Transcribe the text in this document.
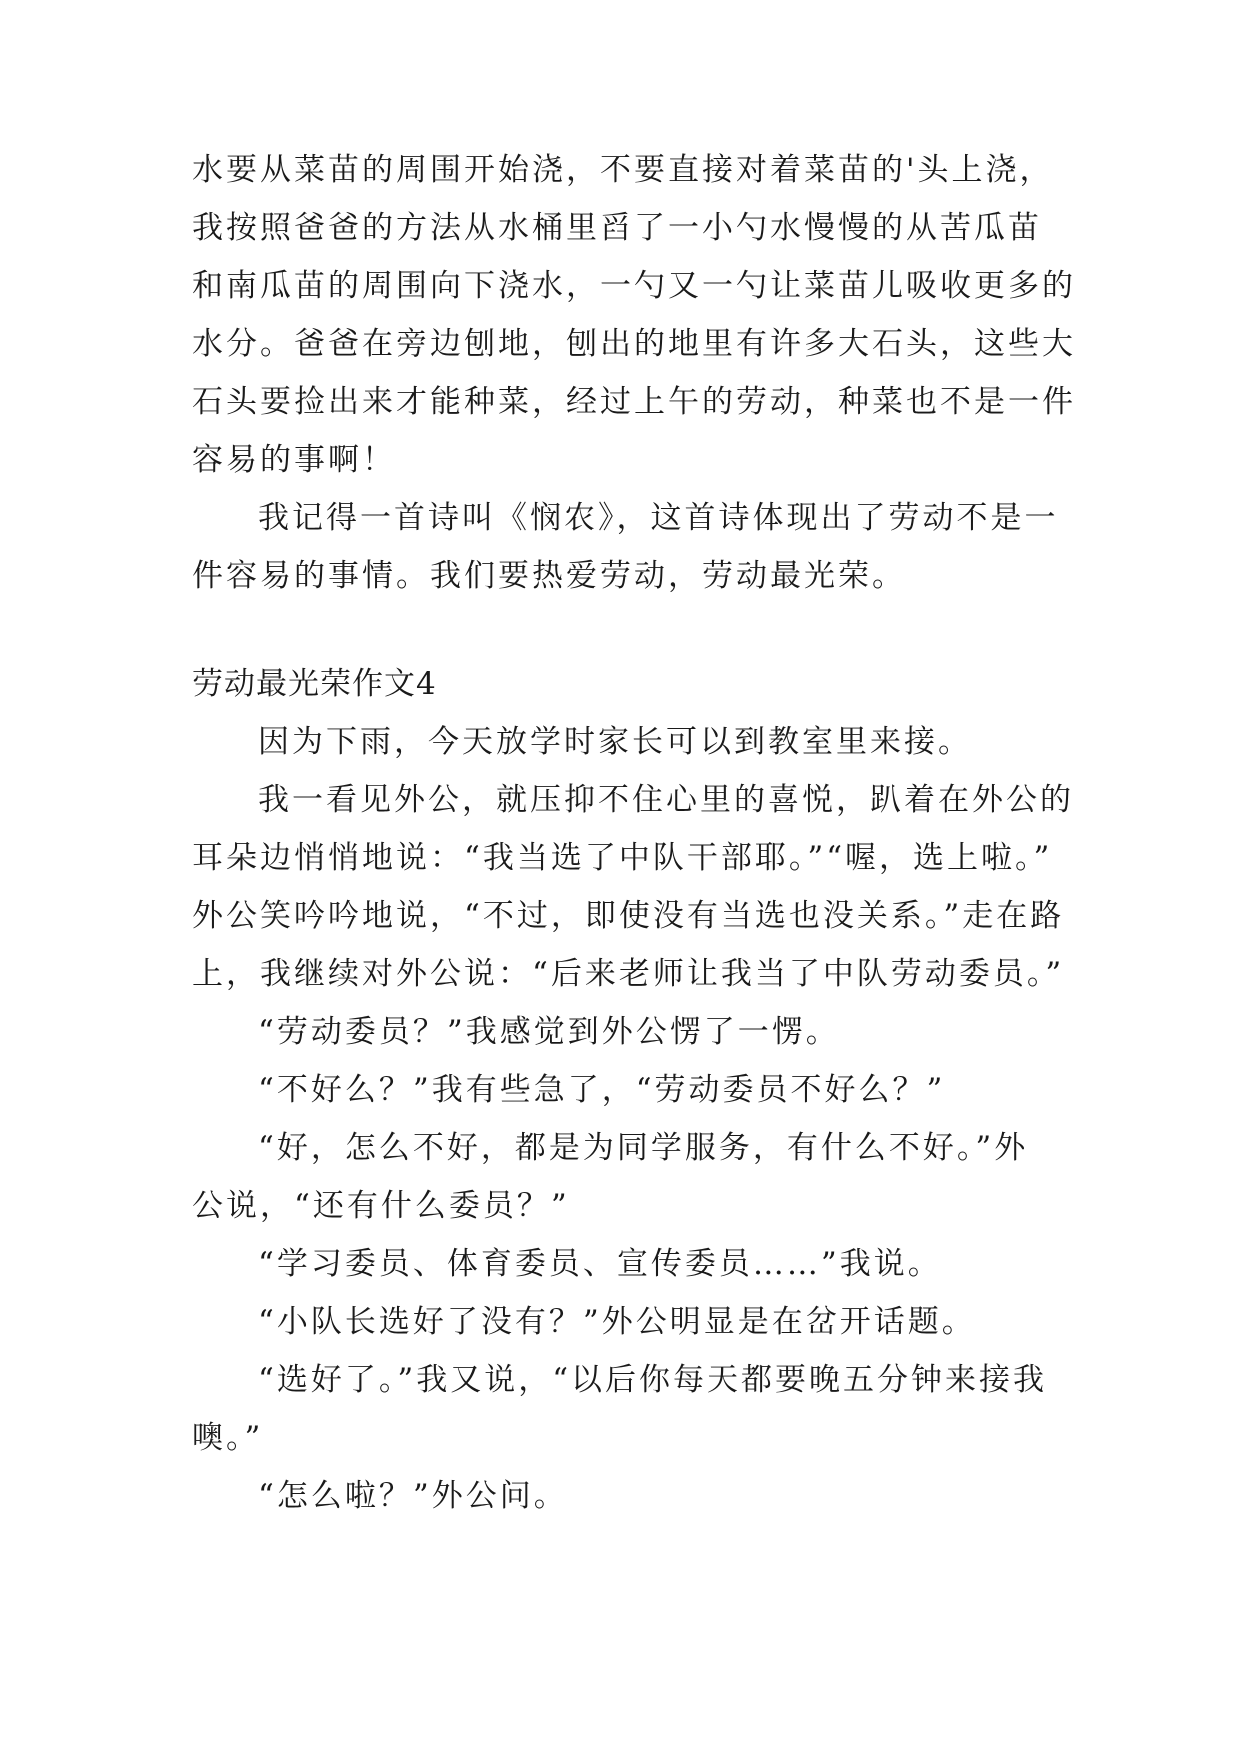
水要从菜苗的周围开始浇，不要直接对着菜苗的'头上浇，
我按照爸爸的方法从水桶里舀了一小勺水慢慢的从苦瓜苗
和南瓜苗的周围向下浇水，一勺又一勺让菜苗儿吸收更多的
水分。爸爸在旁边刨地，刨出的地里有许多大石头，这些大
石头要捡出来才能种菜，经过上午的劳动，种菜也不是一件
容易的事啊！
我记得一首诗叫《悯农》，这首诗体现出了劳动不是一
件容易的事情。我们要热爱劳动，劳动最光荣。
劳动最光荣作文4
因为下雨，今天放学时家长可以到教室里来接。
我一看见外公，就压抑不住心里的喜悦，趴着在外公的
耳朵边悄悄地说：“我当选了中队干部耶。”“喔，选上啦。”
外公笑吟吟地说，“不过，即使没有当选也没关系。”走在路
上，我继续对外公说：“后来老师让我当了中队劳动委员。”
“劳动委员？”我感觉到外公愣了一愣。
“不好么？”我有些急了，“劳动委员不好么？”
“好，怎么不好，都是为同学服务，有什么不好。”外
公说，“还有什么委员？”
“学习委员、体育委员、宣传委员……”我说。
“小队长选好了没有？”外公明显是在岔开话题。
“选好了。”我又说，“以后你每天都要晚五分钟来接我
噢。”
“怎么啦？”外公问。
